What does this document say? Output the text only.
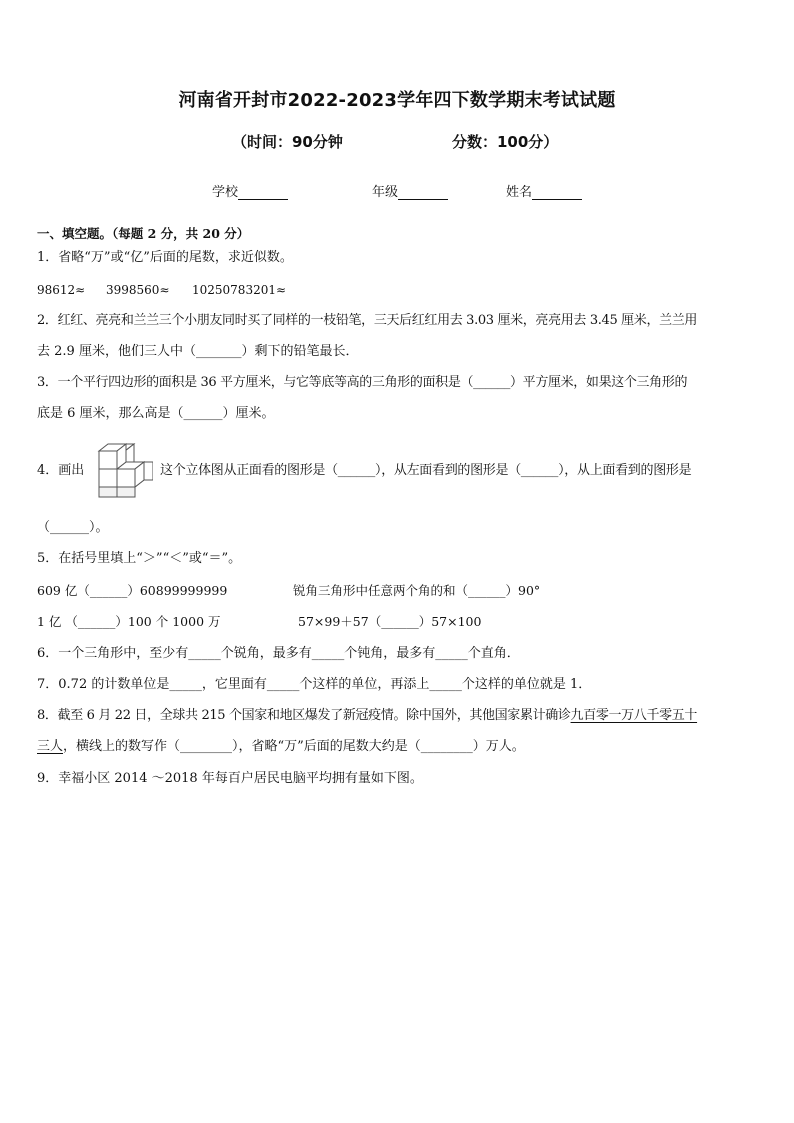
河南省开封市2022-2023学年四下数学期末考试试题
（时间：90分钟	分数：100分）
学校	年级	姓名
一、填空题。（每题 2 分，共 20 分）
1．省略“万”或“亿”后面的尾数，求近似数。
98612≈ 3998560≈ 10250783201≈
2．红红、亮亮和兰兰三个小朋友同时买了同样的一枝铅笔，三天后红红用去 3.03 厘米，亮亮用去 3.45 厘米，兰兰用
去 2.9 厘米，他们三人中（_______）剩下的铅笔最长．
3．一个平行四边形的面积是 36 平方厘米，与它等底等高的三角形的面积是（______）平方厘米，如果这个三角形的
底是 6 厘米，那么高是（______）厘米。
4．画出	这个立体图从正面看的图形是（______），从左面看到的图形是（______），从上面看到的图形是
（______）。
5．在括号里填上“＞”“＜”或“＝”。
609 亿（______）60899999999	锐角三角形中任意两个角的和（______）90°
1 亿 （______）100 个 1000 万	57×99＋57（______）57×100
6．一个三角形中，至少有_____个锐角，最多有_____个钝角，最多有_____个直角．
7．0.72 的计数单位是_____，它里面有_____个这样的单位，再添上_____个这样的单位就是 1．
8．截至 6 月 22 日，全球共 215 个国家和地区爆发了新冠疫情。除中国外，其他国家累计确诊九百零一万八千零五十
三人，横线上的数写作（________），省略“万”后面的尾数大约是（________）万人。
9．幸福小区 2014 ～2018 年每百户居民电脑平均拥有量如下图。
